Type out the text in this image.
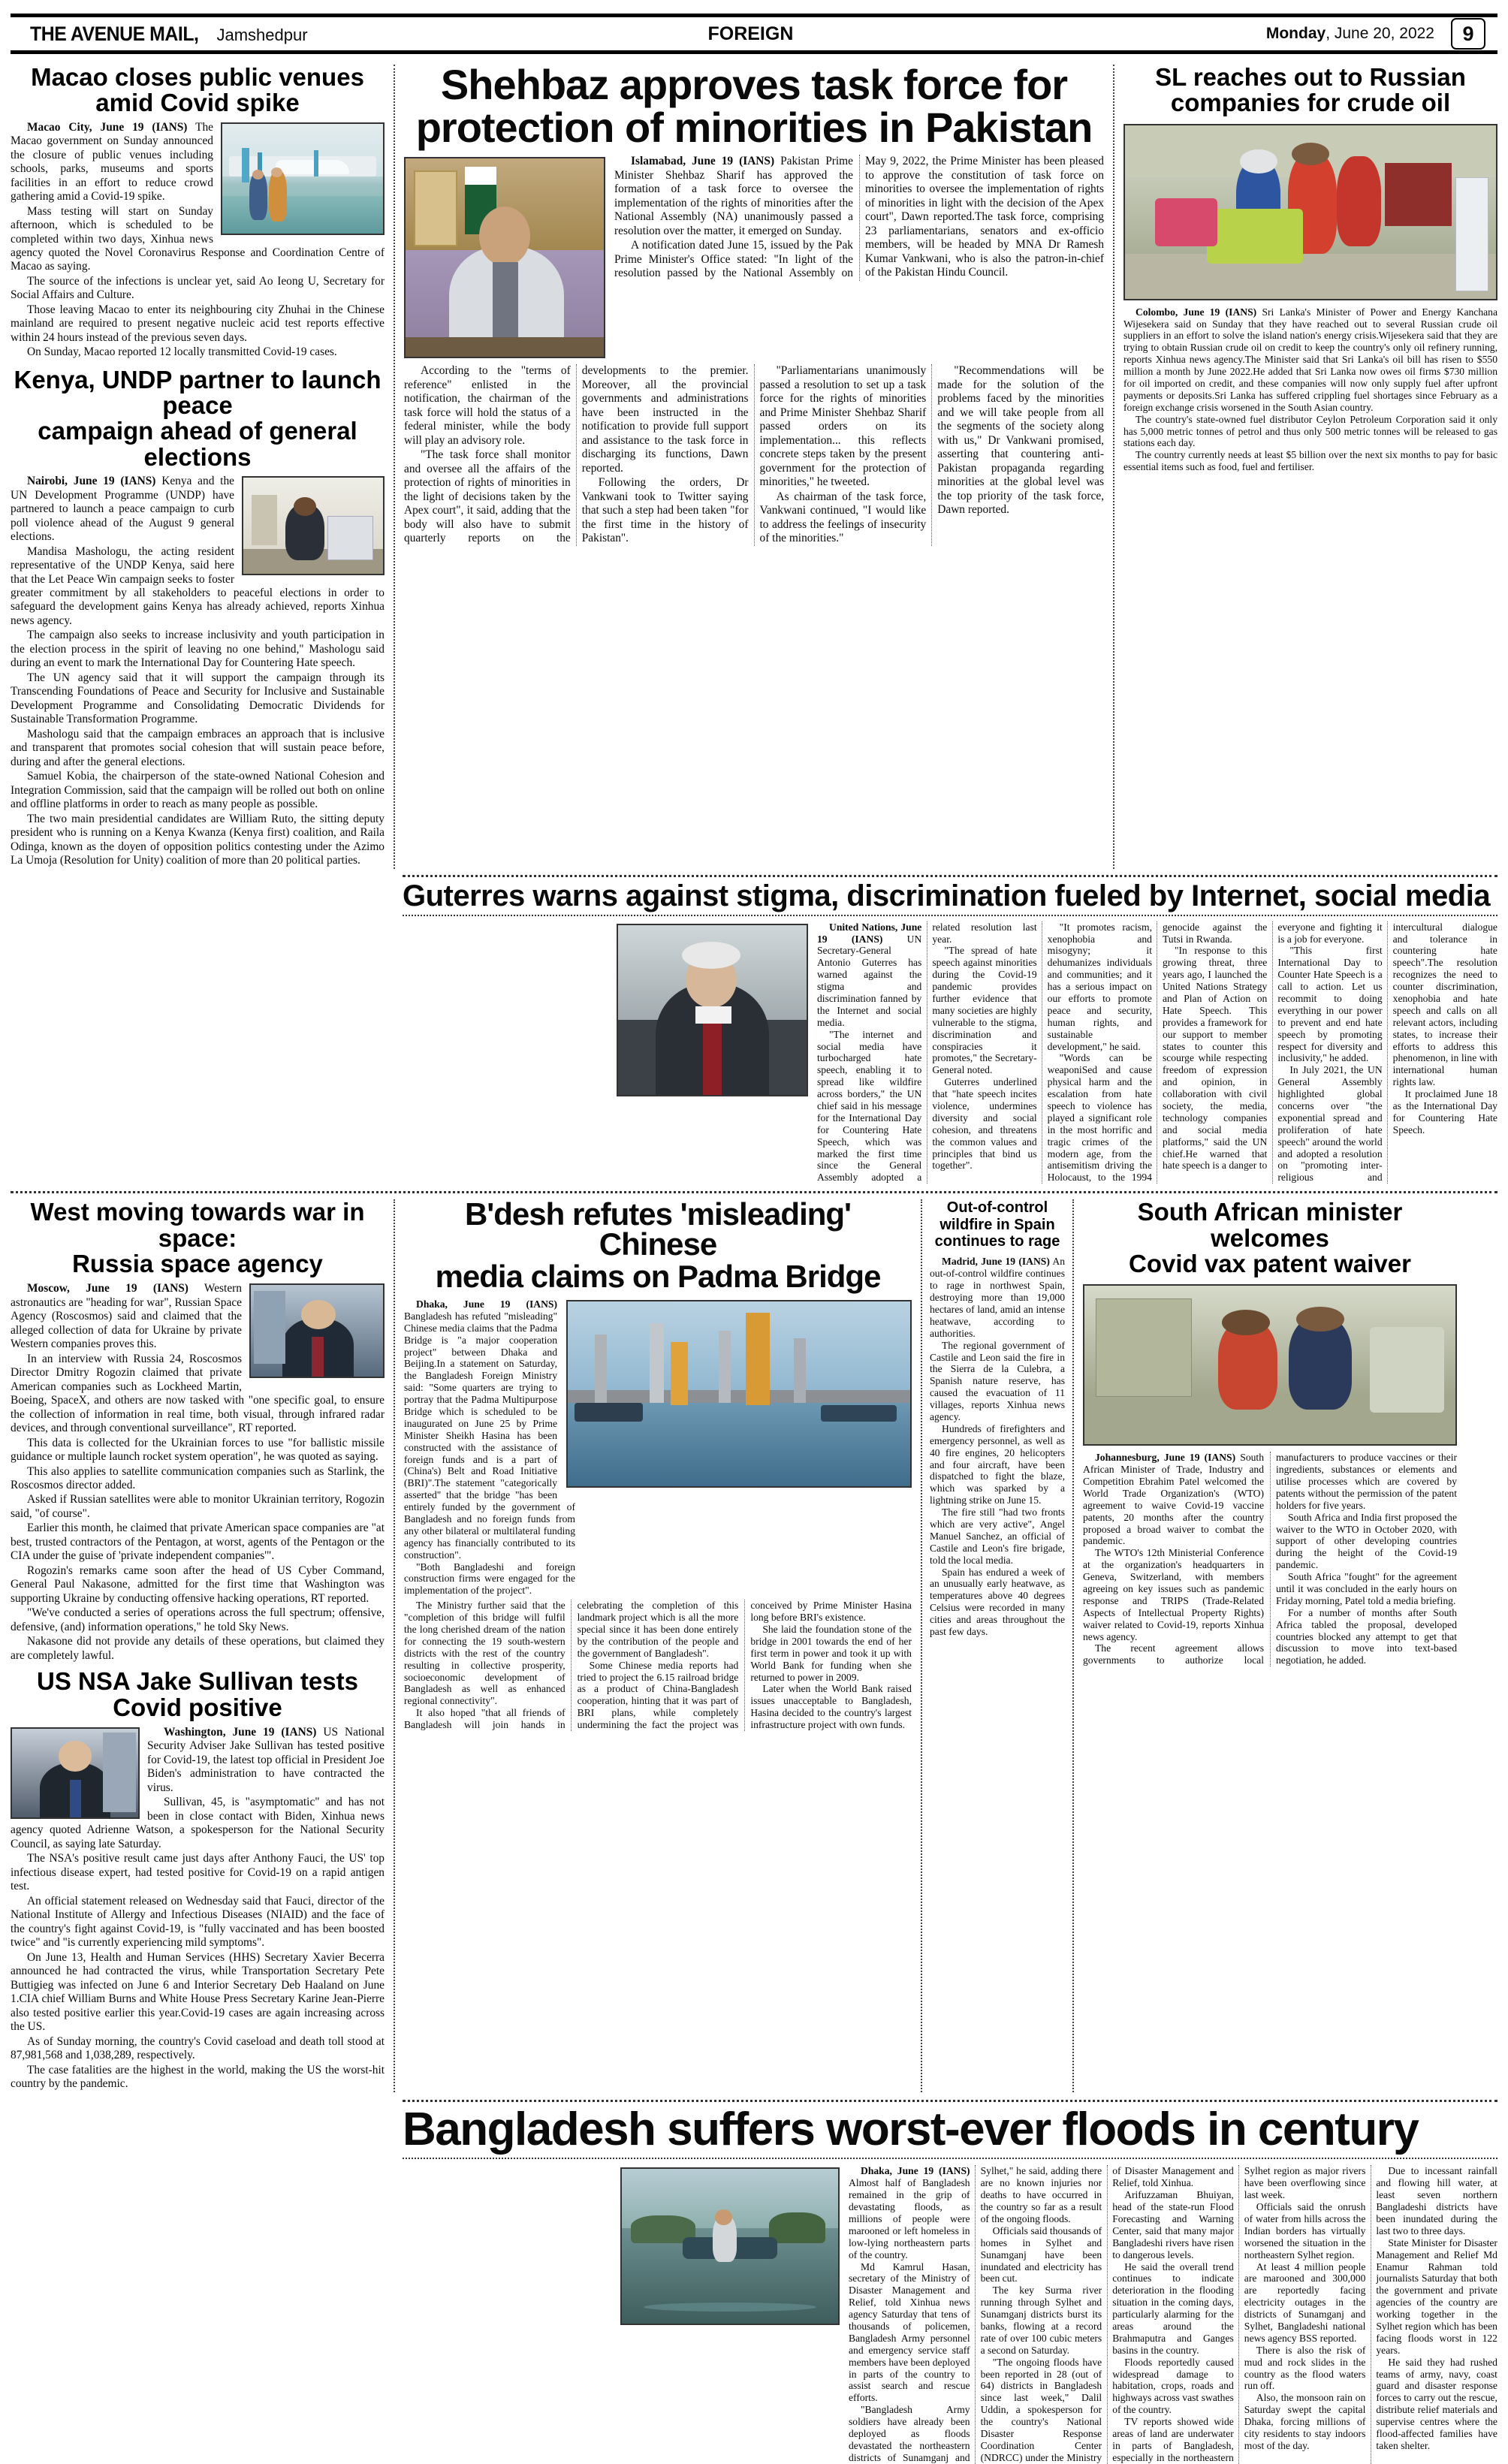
THE AVENUE MAIL, Jamshedpur	FOREIGN	Monday, June 20, 2022	9
Macao closes public venues
amid Covid spike

Macao City, June 19 (IANS) The Macao government on Sunday announced the closure of public venues including schools, parks, museums and sports facilities in an effort to reduce crowd gathering amid a Covid-19 spike.

Mass testing will start on Sunday afternoon, which is scheduled to be completed within two days, Xinhua news agency quoted the Novel Coronavirus Response and Coordination Centre of Macao as saying.

The source of the infections is unclear yet, said Ao Ieong U, Secretary for Social Affairs and Culture.

Those leaving Macao to enter its neighbouring city Zhuhai in the Chinese mainland are required to present negative nucleic acid test reports effective within 24 hours instead of the previous seven days.

On Sunday, Macao reported 12 locally transmitted Covid-19 cases.

Kenya, UNDP partner to launch peace
campaign ahead of general elections

Nairobi, June 19 (IANS) Kenya and the UN Development Programme (UNDP) have partnered to launch a peace campaign to curb poll violence ahead of the August 9 general elections.

Mandisa Mashologu, the acting resident representative of the UNDP Kenya, said here that the Let Peace Win campaign seeks to foster greater commitment by all stakeholders to peaceful elections in order to safeguard the development gains Kenya has already achieved, reports Xinhua news agency.

The campaign also seeks to increase inclusivity and youth participation in the election process in the spirit of leaving no one behind," Mashologu said during an event to mark the International Day for Countering Hate speech.

The UN agency said that it will support the campaign through its Transcending Foundations of Peace and Security for Inclusive and Sustainable Development Programme and Consolidating Democratic Dividends for Sustainable Transformation Programme.

Mashologu said that the campaign embraces an approach that is inclusive and transparent that promotes social cohesion that will sustain peace before, during and after the general elections.

Samuel Kobia, the chairperson of the state-owned National Cohesion and Integration Commission, said that the campaign will be rolled out both on online and offline platforms in order to reach as many people as possible.

The two main presidential candidates are William Ruto, the sitting deputy president who is running on a Kenya Kwanza (Kenya first) coalition, and Raila Odinga, known as the doyen of opposition politics contesting under the Azimo La Umoja (Resolution for Unity) coalition of more than 20 political parties.

Shehbaz approves task force for
protection of minorities in Pakistan

Islamabad, June 19 (IANS) Pakistan Prime Minister Shehbaz Sharif has approved the formation of a task force to oversee the implementation of the rights of minorities after the National Assembly (NA) unanimously passed a resolution over the matter, it emerged on Sunday.

A notification dated June 15, issued by the Pak Prime Minister's Office stated: "In light of the resolution passed by the National Assembly on May 9, 2022, the Prime Minister has been pleased to approve the constitution of task force on minorities to oversee the implementation of rights of minorities in light with the decision of the Apex court", Dawn reported.The task force, comprising 23 parliamentarians, senators and ex-officio members, will be headed by MNA Dr Ramesh Kumar Vankwani, who is also the patron-in-chief of the Pakistan Hindu Council.

According to the "terms of reference" enlisted in the notification, the chairman of the task force will hold the status of a federal minister, while the body will play an advisory role.

"The task force shall monitor and oversee all the affairs of the protection of rights of minorities in the light of decisions taken by the Apex court", it said, adding that the body will also have to submit quarterly reports on the developments to the premier. Moreover, all the provincial governments and administrations have been instructed in the notification to provide full support and assistance to the task force in discharging its functions, Dawn reported.

Following the orders, Dr Vankwani took to Twitter saying that such a step had been taken "for the first time in the history of Pakistan".

"Parliamentarians unanimously passed a resolution to set up a task force for the rights of minorities and Prime Minister Shehbaz Sharif passed orders on its implementation... this reflects concrete steps taken by the present government for the protection of minorities," he tweeted.

As chairman of the task force, Vankwani continued, "I would like to address the feelings of insecurity of the minorities."

"Recommendations will be made for the solution of the problems faced by the minorities and we will take people from all the segments of the society along with us," Dr Vankwani promised, asserting that countering anti-Pakistan propaganda regarding minorities at the global level was the top priority of the task force, Dawn reported.

SL reaches out to Russian
companies for crude oil

Colombo, June 19 (IANS) Sri Lanka's Minister of Power and Energy Kanchana Wijesekera said on Sunday that they have reached out to several Russian crude oil suppliers in an effort to solve the island nation's energy crisis.Wijesekera said that they are trying to obtain Russian crude oil on credit to keep the country's only oil refinery running, reports Xinhua news agency.The Minister said that Sri Lanka's oil bill has risen to $550 million a month by June 2022.He added that Sri Lanka now owes oil firms $730 million for oil imported on credit, and these companies will now only supply fuel after upfront payments or deposits.Sri Lanka has suffered crippling fuel shortages since February as a foreign exchange crisis worsened in the South Asian country.

The country's state-owned fuel distributor Ceylon Petroleum Corporation said it only has 5,000 metric tonnes of petrol and thus only 500 metric tonnes will be released to gas stations each day.

The country currently needs at least $5 billion over the next six months to pay for basic essential items such as food, fuel and fertiliser.

Guterres warns against stigma, discrimination fueled by Internet, social media

United Nations, June 19 (IANS) UN Secretary-General Antonio Guterres has warned against the stigma and discrimination fanned by the Internet and social media.

"The internet and social media have turbocharged hate speech, enabling it to spread like wildfire across borders," the UN chief said in his message for the International Day for Countering Hate Speech, which was marked the first time since the General Assembly adopted a related resolution last year.

"The spread of hate speech against minorities during the Covid-19 pandemic provides further evidence that many societies are highly vulnerable to the stigma, discrimination and conspiracies it promotes," the Secretary-General noted.

Guterres underlined that "hate speech incites violence, undermines diversity and social cohesion, and threatens the common values and principles that bind us together".

"It promotes racism, xenophobia and misogyny; it dehumanizes individuals and communities; and it has a serious impact on our efforts to promote peace and security, human rights, and sustainable development," he said.

"Words can be weaponiSed and cause physical harm and the escalation from hate speech to violence has played a significant role in the most horrific and tragic crimes of the modern age, from the antisemitism driving the Holocaust, to the 1994 genocide against the Tutsi in Rwanda.

"In response to this growing threat, three years ago, I launched the United Nations Strategy and Plan of Action on Hate Speech. This provides a framework for our support to member states to counter this scourge while respecting freedom of expression and opinion, in collaboration with civil society, the media, technology companies and social media platforms," said the UN chief.He warned that hate speech is a danger to everyone and fighting it is a job for everyone.

"This first International Day to Counter Hate Speech is a call to action. Let us recommit to doing everything in our power to prevent and end hate speech by promoting respect for diversity and inclusivity," he added.

In July 2021, the UN General Assembly highlighted global concerns over "the exponential spread and proliferation of hate speech" around the world and adopted a resolution on "promoting inter-religious and intercultural dialogue and tolerance in countering hate speech".The resolution recognizes the need to counter discrimination, xenophobia and hate speech and calls on all relevant actors, including states, to increase their efforts to address this phenomenon, in line with international human rights law.

It proclaimed June 18 as the International Day for Countering Hate Speech.

West moving towards war in space:
Russia space agency

Moscow, June 19 (IANS) Western astronautics are "heading for war", Russian Space Agency (Roscosmos) said and claimed that the alleged collection of data for Ukraine by private Western companies proves this.

In an interview with Russia 24, Roscosmos Director Dmitry Rogozin claimed that private American companies such as Lockheed Martin, Boeing, SpaceX, and others are now tasked with "one specific goal, to ensure the collection of information in real time, both visual, through infrared radar devices, and through conventional surveillance", RT reported.

This data is collected for the Ukrainian forces to use "for ballistic missile guidance or multiple launch rocket system operation", he was quoted as saying.

This also applies to satellite communication companies such as Starlink, the Roscosmos director added.

Asked if Russian satellites were able to monitor Ukrainian territory, Rogozin said, "of course".

Earlier this month, he claimed that private American space companies are "at best, trusted contractors of the Pentagon, at worst, agents of the Pentagon or the CIA under the guise of 'private independent companies'".

Rogozin's remarks came soon after the head of US Cyber Command, General Paul Nakasone, admitted for the first time that Washington was supporting Ukraine by conducting offensive hacking operations, RT reported.

"We've conducted a series of operations across the full spectrum; offensive, defensive, (and) information operations," he told Sky News.

Nakasone did not provide any details of these operations, but claimed they are completely lawful.

US NSA Jake Sullivan tests
Covid positive

Washington, June 19 (IANS) US National Security Adviser Jake Sullivan has tested positive for Covid-19, the latest top official in President Joe Biden's administration to have contracted the virus.

Sullivan, 45, is "asymptomatic" and has not been in close contact with Biden, Xinhua news agency quoted Adrienne Watson, a spokesperson for the National Security Council, as saying late Saturday.

The NSA's positive result came just days after Anthony Fauci, the US' top infectious disease expert, had tested positive for Covid-19 on a rapid antigen test.

An official statement released on Wednesday said that Fauci, director of the National Institute of Allergy and Infectious Diseases (NIAID) and the face of the country's fight against Covid-19, is "fully vaccinated and has been boosted twice" and "is currently experiencing mild symptoms".

On June 13, Health and Human Services (HHS) Secretary Xavier Becerra announced he had contracted the virus, while Transportation Secretary Pete Buttigieg was infected on June 6 and Interior Secretary Deb Haaland on June 1.CIA chief William Burns and White House Press Secretary Karine Jean-Pierre also tested positive earlier this year.Covid-19 cases are again increasing across the US.

As of Sunday morning, the country's Covid caseload and death toll stood at 87,981,568 and 1,038,289, respectively.

The case fatalities are the highest in the world, making the US the worst-hit country by the pandemic.

B'desh refutes 'misleading' Chinese
media claims on Padma Bridge

Dhaka, June 19 (IANS) Bangladesh has refuted "misleading" Chinese media claims that the Padma Bridge is "a major cooperation project" between Dhaka and Beijing.In a statement on Saturday, the Bangladesh Foreign Ministry said: "Some quarters are trying to portray that the Padma Multipurpose Bridge which is scheduled to be inaugurated on June 25 by Prime Minister Sheikh Hasina has been constructed with the assistance of foreign funds and is a part of (China's) Belt and Road Initiative (BRI)".The statement "categorically asserted" that the bridge "has been entirely funded by the government of Bangladesh and no foreign funds from any other bilateral or multilateral funding agency has financially contributed to its construction".

"Both Bangladeshi and foreign construction firms were engaged for the implementation of the project".

The Ministry further said that the "completion of this bridge will fulfil the long cherished dream of the nation for connecting the 19 south-western districts with the rest of the country resulting in collective prosperity, socioeconomic development of Bangladesh as well as enhanced regional connectivity".

It also hoped "that all friends of Bangladesh will join hands in celebrating the completion of this landmark project which is all the more special since it has been done entirely by the contribution of the people and the government of Bangladesh".

Some Chinese media reports had tried to project the 6.15 railroad bridge as a product of China-Bangladesh cooperation, hinting that it was part of BRI plans, while completely undermining the fact the project was conceived by Prime Minister Hasina long before BRI's existence.

She laid the foundation stone of the bridge in 2001 towards the end of her first term in power and took it up with World Bank for funding when she returned to power in 2009.

Later when the World Bank raised issues unacceptable to Bangladesh, Hasina decided to the country's largest infrastructure project with own funds.

Out-of-control
wildfire in Spain
continues to rage

Madrid, June 19 (IANS) An out-of-control wildfire continues to rage in northwest Spain, destroying more than 19,000 hectares of land, amid an intense heatwave, according to authorities.

The regional government of Castile and Leon said the fire in the Sierra de la Culebra, a Spanish nature reserve, has caused the evacuation of 11 villages, reports Xinhua news agency.

Hundreds of firefighters and emergency personnel, as well as 40 fire engines, 20 helicopters and four aircraft, have been dispatched to fight the blaze, which was sparked by a lightning strike on June 15.

The fire still "had two fronts which are very active", Angel Manuel Sanchez, an official of Castile and Leon's fire brigade, told the local media.

Spain has endured a week of an unusually early heatwave, as temperatures above 40 degrees Celsius were recorded in many cities and areas throughout the past few days.

South African minister welcomes
Covid vax patent waiver

Johannesburg, June 19 (IANS) South African Minister of Trade, Industry and Competition Ebrahim Patel welcomed the World Trade Organization's (WTO) agreement to waive Covid-19 vaccine patents, 20 months after the country proposed a broad waiver to combat the pandemic.

The WTO's 12th Ministerial Conference at the organization's headquarters in Geneva, Switzerland, with members agreeing on key issues such as pandemic response and TRIPS (Trade-Related Aspects of Intellectual Property Rights) waiver related to Covid-19, reports Xinhua news agency.

The recent agreement allows governments to authorize local manufacturers to produce vaccines or their ingredients, substances or elements and utilise processes which are covered by patents without the permission of the patent holders for five years.

South Africa and India first proposed the waiver to the WTO in October 2020, with support of other developing countries during the height of the Covid-19 pandemic.

South Africa "fought" for the agreement until it was concluded in the early hours on Friday morning, Patel told a media briefing.

For a number of months after South Africa tabled the proposal, developed countries blocked any attempt to get that discussion to move into text-based negotiation, he added.

Bangladesh suffers worst-ever floods in century

Dhaka, June 19 (IANS) Almost half of Bangladesh remained in the grip of devastating floods, as millions of people were marooned or left homeless in low-lying northeastern parts of the country.

Md Kamrul Hasan, secretary of the Ministry of Disaster Management and Relief, told Xinhua news agency Saturday that tens of thousands of policemen, Bangladesh Army personnel and emergency service staff members have been deployed in parts of the country to assist search and rescue efforts.

"Bangladesh Army soldiers have already been deployed as floods devastated the northeastern districts of Sunamganj and Sylhet," he said, adding there are no known injuries nor deaths to have occurred in the country so far as a result of the ongoing floods.

Officials said thousands of homes in Sylhet and Sunamganj have been inundated and electricity has been cut.

The key Surma river running through Sylhet and Sunamganj districts burst its banks, flowing at a record rate of over 100 cubic meters a second on Saturday.

"The ongoing floods have been reported in 28 (out of 64) districts in Bangladesh since last week," Dalil Uddin, a spokesperson for the country's National Disaster Response Coordination Center (NDRCC) under the Ministry of Disaster Management and Relief, told Xinhua.

Arifuzzaman Bhuiyan, head of the state-run Flood Forecasting and Warning Center, said that many major Bangladeshi rivers have risen to dangerous levels.

He said the overall trend continues to indicate deterioration in the flooding situation in the coming days, particularly alarming for the areas around the Brahmaputra and Ganges basins in the country.

Floods reportedly caused widespread damage to habitation, crops, roads and highways across vast swathes of the country.

TV reports showed wide areas of land are underwater in parts of Bangladesh, especially in the northeastern Sylhet region as major rivers have been overflowing since last week.

Officials said the onrush of water from hills across the Indian borders has virtually worsened the situation in the northeastern Sylhet region.

At least 4 million people are marooned and 300,000 are reportedly facing electricity outages in the districts of Sunamganj and Sylhet, Bangladeshi national news agency BSS reported.

There is also the risk of mud and rock slides in the country as the flood waters run off.

Also, the monsoon rain on Saturday swept the capital Dhaka, forcing millions of city residents to stay indoors most of the day.

Due to incessant rainfall and flowing hill water, at least seven northern Bangladeshi districts have been inundated during the last two to three days.

State Minister for Disaster Management and Relief Md Enamur Rahman told journalists Saturday that both the government and private agencies of the country are working together in the Sylhet region which has been facing floods worst in 122 years.

He said they had rushed teams of army, navy, coast guard and disaster response forces to carry out the rescue, distribute relief materials and supervise centres where the flood-affected families have taken shelter.
